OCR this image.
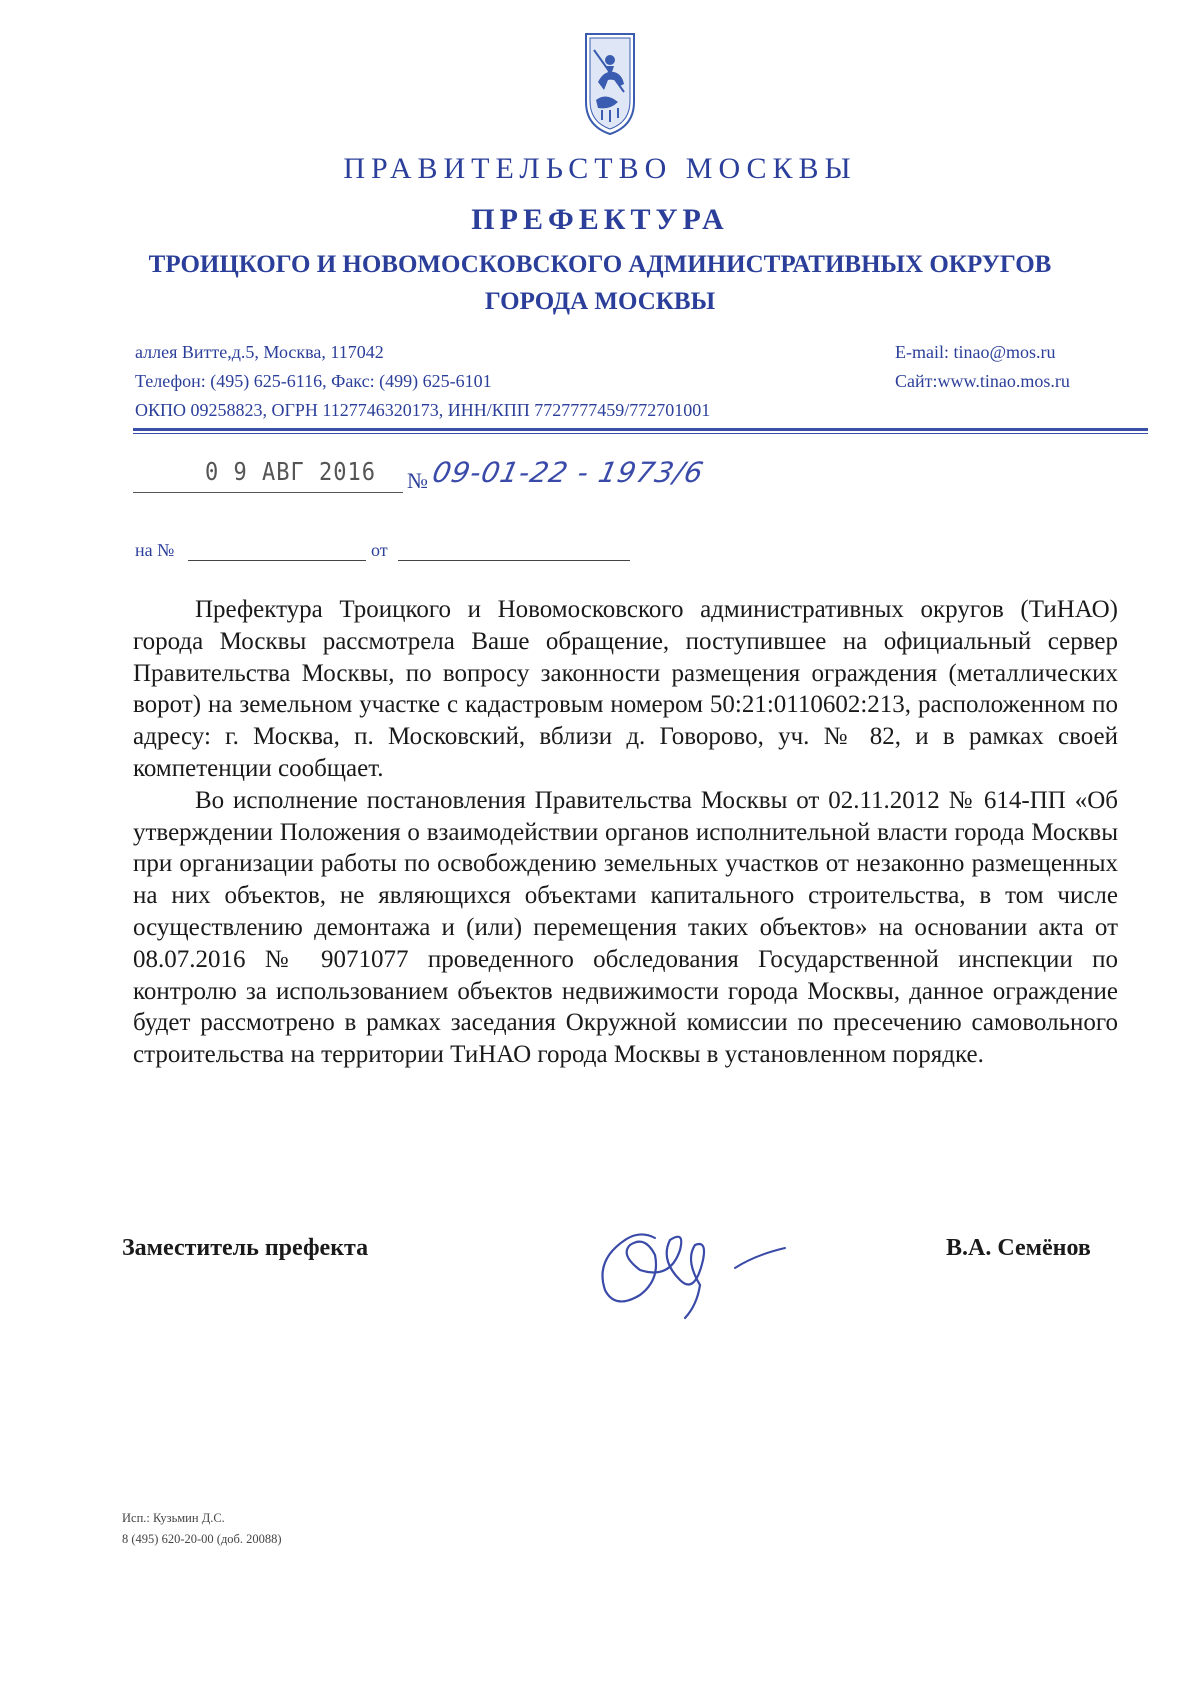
ПРАВИТЕЛЬСТВО МОСКВЫ
ПРЕФЕКТУРА
ТРОИЦКОГО И НОВОМОСКОВСКОГО АДМИНИСТРАТИВНЫХ ОКРУГОВ
ГОРОДА МОСКВЫ
аллея Витте,д.5, Москва, 117042
Телефон: (495) 625-6116, Факс: (499) 625-6101
ОКПО 09258823, ОГРН 1127746320173, ИНН/КПП 7727777459/772701001
E-mail: tinao@mos.ru
Сайт:www.tinao.mos.ru
0 9 АВГ 2016 № 09-01-22 - 1973/6
на №	от

Префектура Троицкого и Новомосковского административных округов (ТиНАО) города Москвы рассмотрела Ваше обращение, поступившее на официальный сервер Правительства Москвы, по вопросу законности размещения ограждения (металлических ворот) на земельном участке с кадастровым номером 50:21:0110602:213, расположенном по адресу: г. Москва, п. Московский, вблизи д. Говорово, уч. № 82, и в рамках своей компетенции сообщает.

Во исполнение постановления Правительства Москвы от 02.11.2012 № 614-ПП «Об утверждении Положения о взаимодействии органов исполнительной власти города Москвы при организации работы по освобождению земельных участков от незаконно размещенных на них объектов, не являющихся объектами капитального строительства, в том числе осуществлению демонтажа и (или) перемещения таких объектов» на основании акта от 08.07.2016 № 9071077 проведенного обследования Государственной инспекции по контролю за использованием объектов недвижимости города Москвы, данное ограждение будет рассмотрено в рамках заседания Окружной комиссии по пресечению самовольного строительства на территории ТиНАО города Москвы в установленном порядке.

Заместитель префекта	В.А. Семёнов
Исп.: Кузьмин Д.С.
8 (495) 620-20-00 (доб. 20088)
